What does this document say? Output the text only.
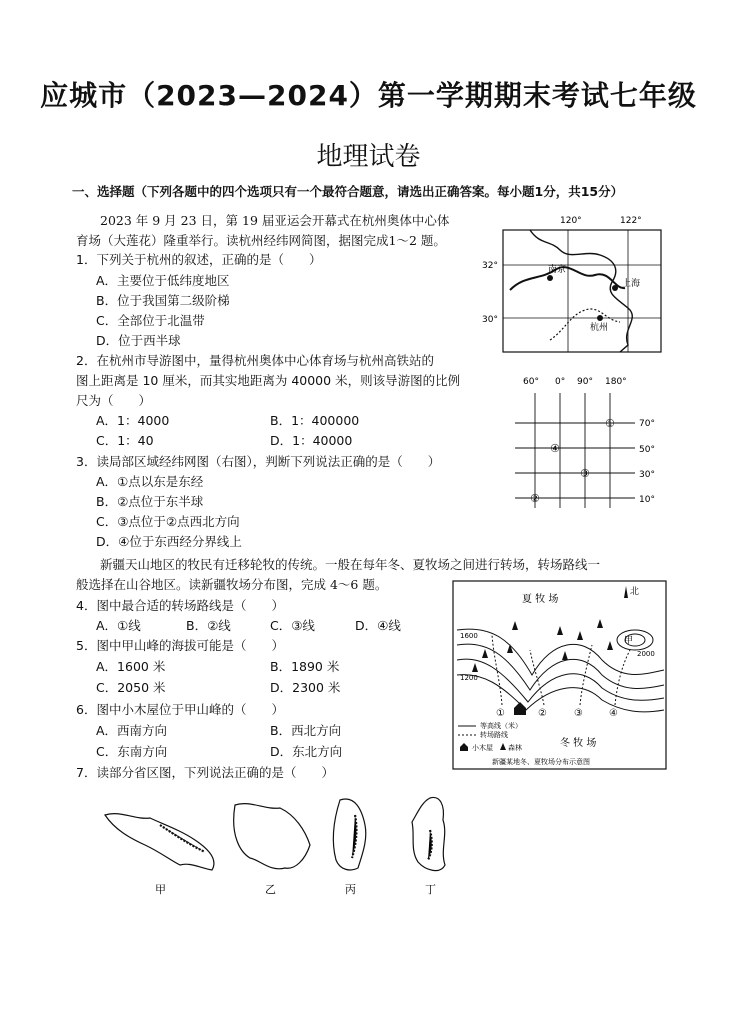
应城市（2023—2024）第一学期期末考试七年级
地理试卷
一、选择题（下列各题中的四个选项只有一个最符合题意，请选出正确答案。每小题1分，共15分）
2023 年 9 月 23 日，第 19 届亚运会开幕式在杭州奥体中心体
育场（大莲花）隆重举行。读杭州经纬网简图，据图完成1～2 题。
1．下列关于杭州的叙述，正确的是（　　）
A．主要位于低纬度地区
B．位于我国第二级阶梯
C．全部位于北温带
D．位于西半球
2．在杭州市导游图中，量得杭州奥体中心体育场与杭州高铁站的
图上距离是 10 厘米，而其实地距离为 40000 米，则该导游图的比例
尺为（　　）
A．1：4000	B．1：400000
C．1：40	D．1：40000
3．读局部区域经纬网图（右图），判断下列说法正确的是（　　）
A．①点以东是东经
B．②点位于东半球
C．③点位于②点西北方向
D．④位于东西经分界线上
新疆天山地区的牧民有迁移轮牧的传统。一般在每年冬、夏牧场之间进行转场，转场路线一
般选择在山谷地区。读新疆牧场分布图，完成 4～6 题。
4．图中最合适的转场路线是（　　）
A．①线	B．②线	C．③线	D．④线
5．图中甲山峰的海拔可能是（　　）
A．1600 米	B．1890 米
C．2050 米	D．2300 米
6．图中小木屋位于甲山峰的（　　）
A．西南方向	B．西北方向
C．东南方向	D．东北方向
7．读部分省区图，下列说法正确的是（　　）
120°	122°
32°
30°
南京
上海
杭州
60° 0° 90° 180°
70°
50°
30°
10°
①
②
③
④
北
夏 牧 场
甲
1600
1200
2000
①	②	③	④
等高线（米）
转场路线
小木屋 森林	冬 牧 场
新疆某地冬、夏牧场分布示意图
甲	乙	丙	丁
